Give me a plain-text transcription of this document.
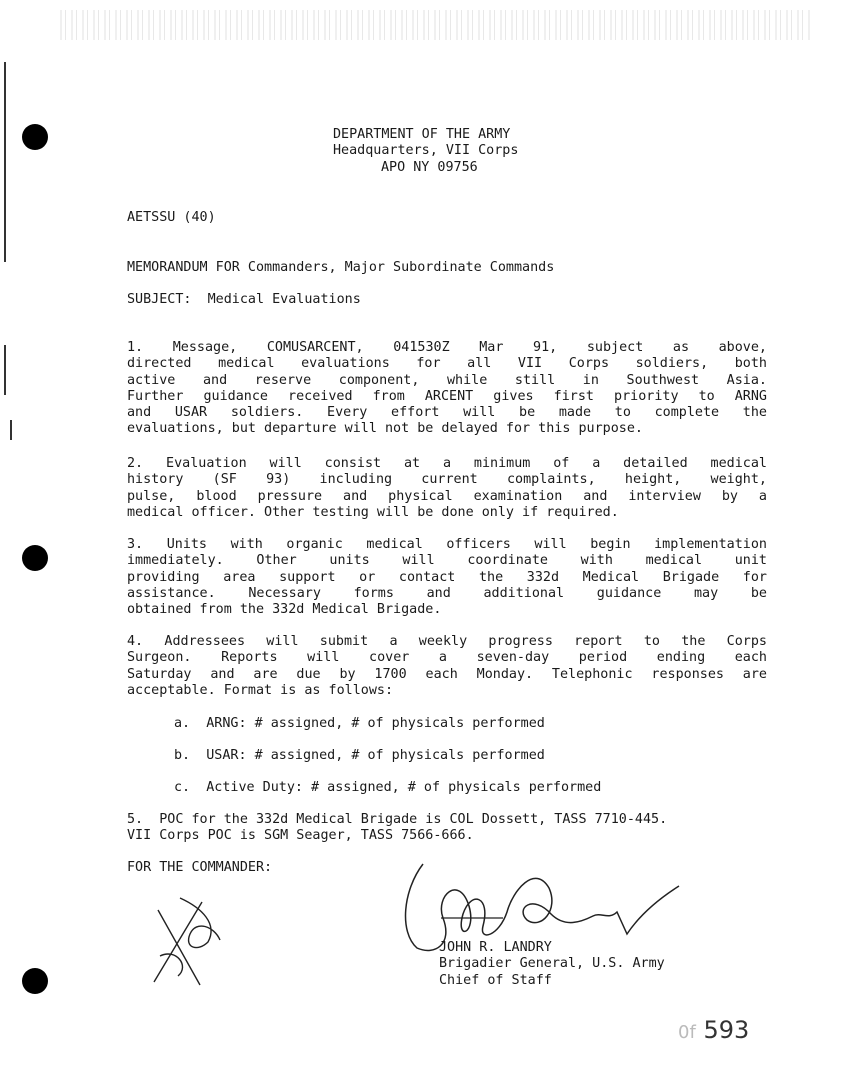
DEPARTMENT OF THE ARMY
Headquarters, VII Corps
APO NY 09756
AETSSU (40)
MEMORANDUM FOR Commanders, Major Subordinate Commands
SUBJECT:  Medical Evaluations
1. Message, COMUSARCENT, 041530Z Mar 91, subject as above,
directed medical evaluations for all VII Corps soldiers, both
active and reserve component, while still in Southwest Asia.
Further guidance received from ARCENT gives first priority to ARNG
and USAR soldiers. Every effort will be made to complete the
evaluations, but departure will not be delayed for this purpose.
2. Evaluation will consist at a minimum of a detailed medical
history (SF 93) including current complaints, height, weight,
pulse, blood pressure and physical examination and interview by a
medical officer. Other testing will be done only if required.
3. Units with organic medical officers will begin implementation
immediately. Other units will coordinate with medical unit
providing area support or contact the 332d Medical Brigade for
assistance. Necessary forms and additional guidance may be
obtained from the 332d Medical Brigade.
4. Addressees will submit a weekly progress report to the Corps
Surgeon. Reports will cover a seven-day period ending each
Saturday and are due by 1700 each Monday. Telephonic responses are
acceptable. Format is as follows:
a.  ARNG: # assigned, # of physicals performed
b.  USAR: # assigned, # of physicals performed
c.  Active Duty: # assigned, # of physicals performed
5.  POC for the 332d Medical Brigade is COL Dossett, TASS 7710-445.
VII Corps POC is SGM Seager, TASS 7566-666.
FOR THE COMMANDER:
JOHN R. LANDRY
Brigadier General, U.S. Army
Chief of Staff
0f 593
